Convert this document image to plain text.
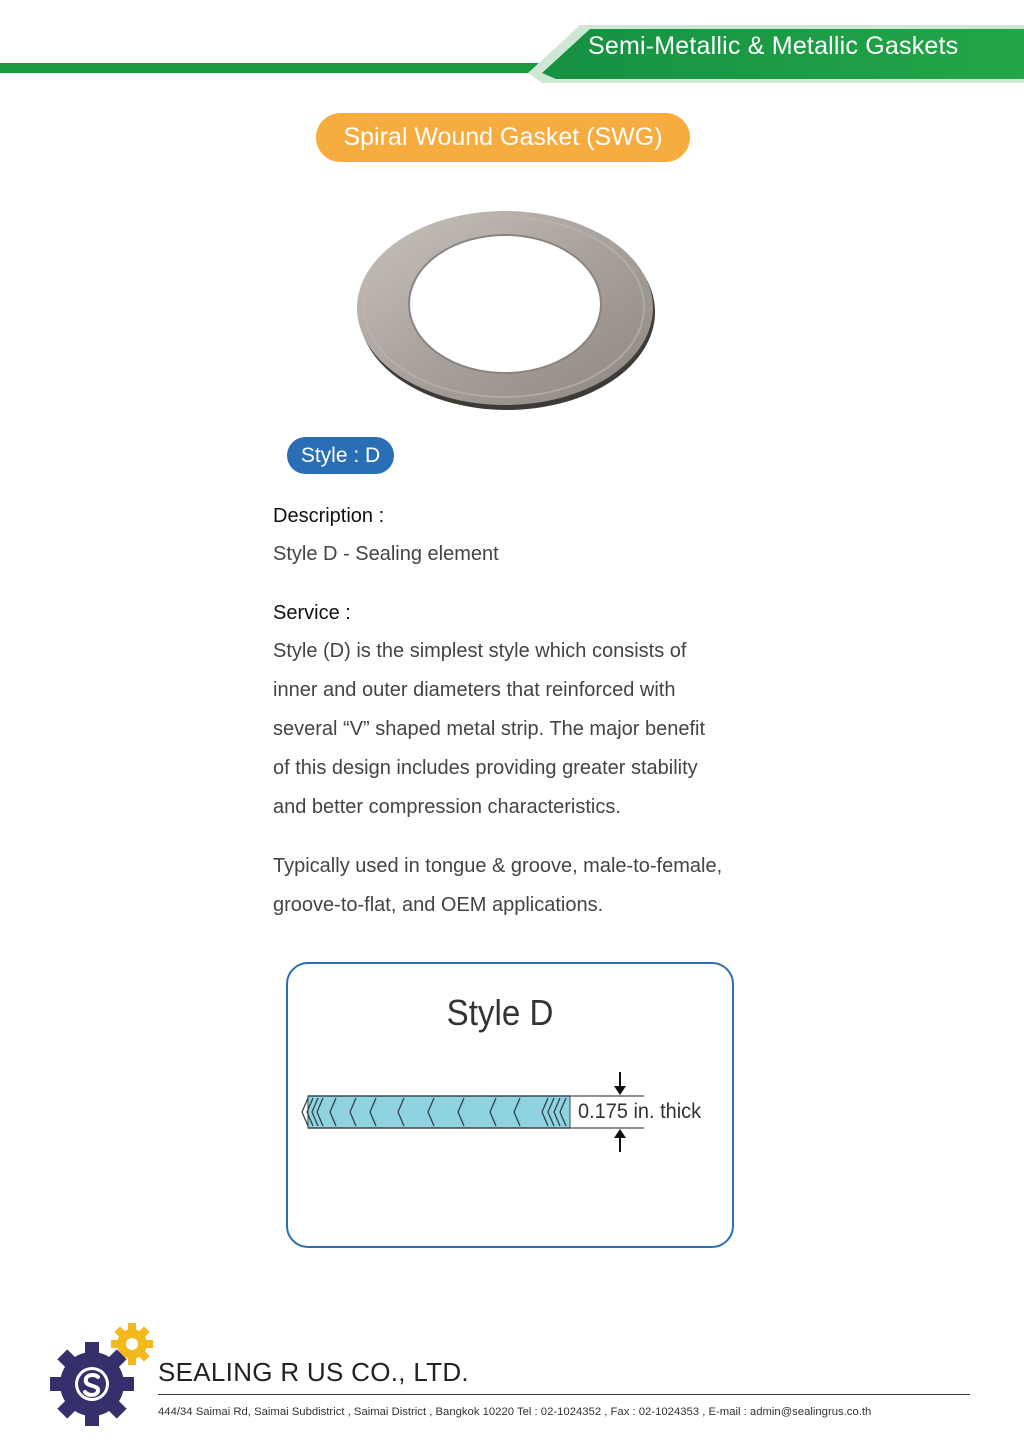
Semi-Metallic & Metallic Gaskets
Spiral Wound Gasket (SWG)
Style : D
Description :
Style D - Sealing element
Service :
Style (D) is the simplest style which consists of
inner and outer diameters that reinforced with
several “V” shaped metal strip. The major benefit
of this design includes providing greater stability
and better compression characteristics.
Typically used in tongue & groove, male-to-female,
groove-to-flat, and OEM applications.
Style D
0.175 in. thick
SEALING R US CO., LTD.
444/34 Saimai Rd, Saimai Subdistrict , Saimai District , Bangkok 10220 Tel : 02-1024352 , Fax : 02-1024353 , E-mail : admin@sealingrus.co.th
